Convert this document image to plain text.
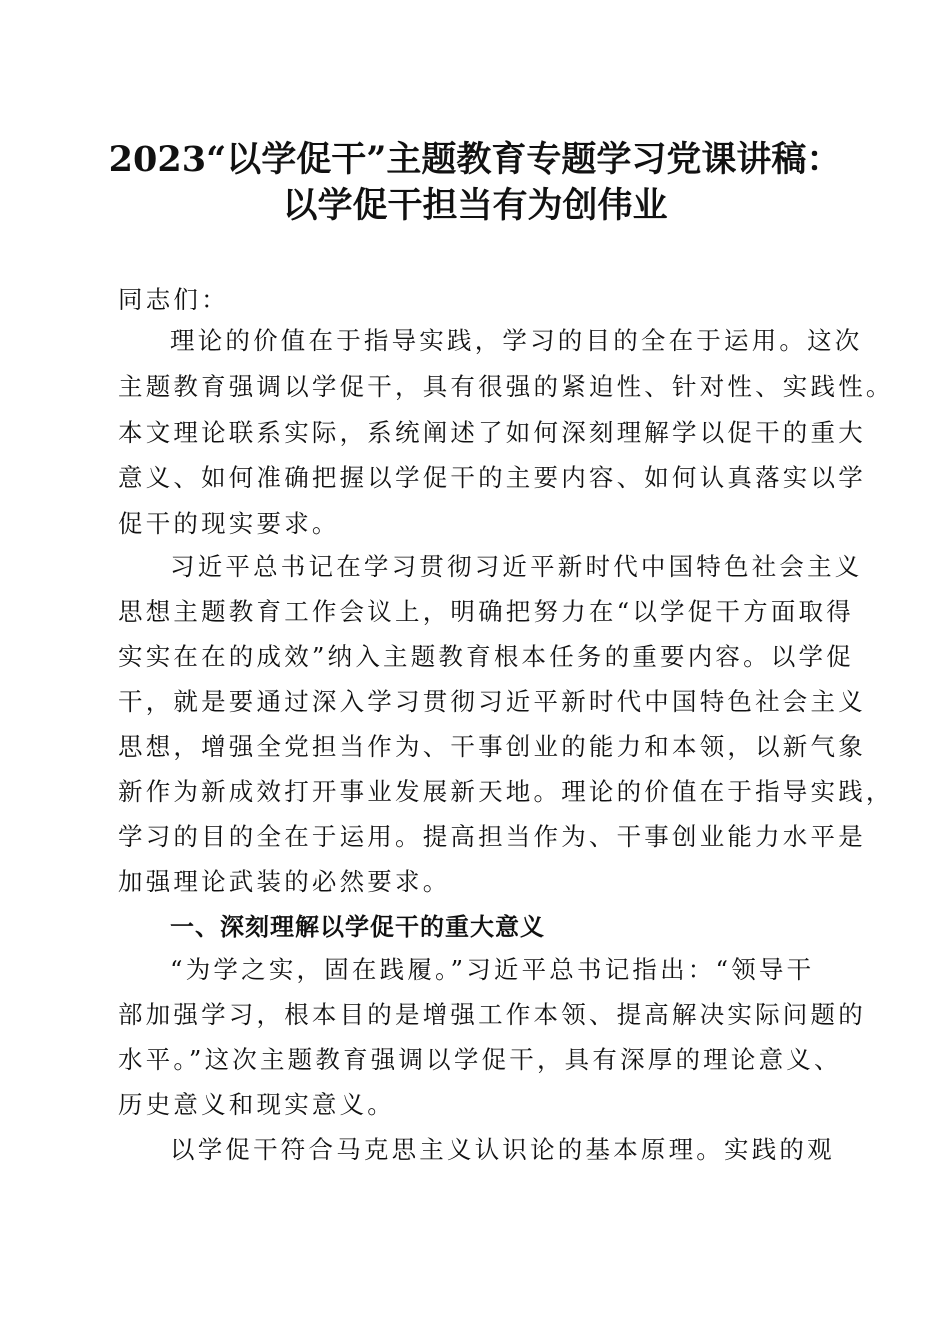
2023“以学促干”主题教育专题学习党课讲稿：
以学促干担当有为创伟业
同志们：
理论的价值在于指导实践，学习的目的全在于运用。这次
主题教育强调以学促干，具有很强的紧迫性、针对性、实践性。
本文理论联系实际，系统阐述了如何深刻理解学以促干的重大
意义、如何准确把握以学促干的主要内容、如何认真落实以学
促干的现实要求。
习近平总书记在学习贯彻习近平新时代中国特色社会主义
思想主题教育工作会议上，明确把努力在“以学促干方面取得
实实在在的成效”纳入主题教育根本任务的重要内容。以学促
干，就是要通过深入学习贯彻习近平新时代中国特色社会主义
思想，增强全党担当作为、干事创业的能力和本领，以新气象
新作为新成效打开事业发展新天地。理论的价值在于指导实践，
学习的目的全在于运用。提高担当作为、干事创业能力水平是
加强理论武装的必然要求。
一、深刻理解以学促干的重大意义
“为学之实，固在践履。”习近平总书记指出：“领导干
部加强学习，根本目的是增强工作本领、提高解决实际问题的
水平。”这次主题教育强调以学促干，具有深厚的理论意义、
历史意义和现实意义。
以学促干符合马克思主义认识论的基本原理。实践的观
